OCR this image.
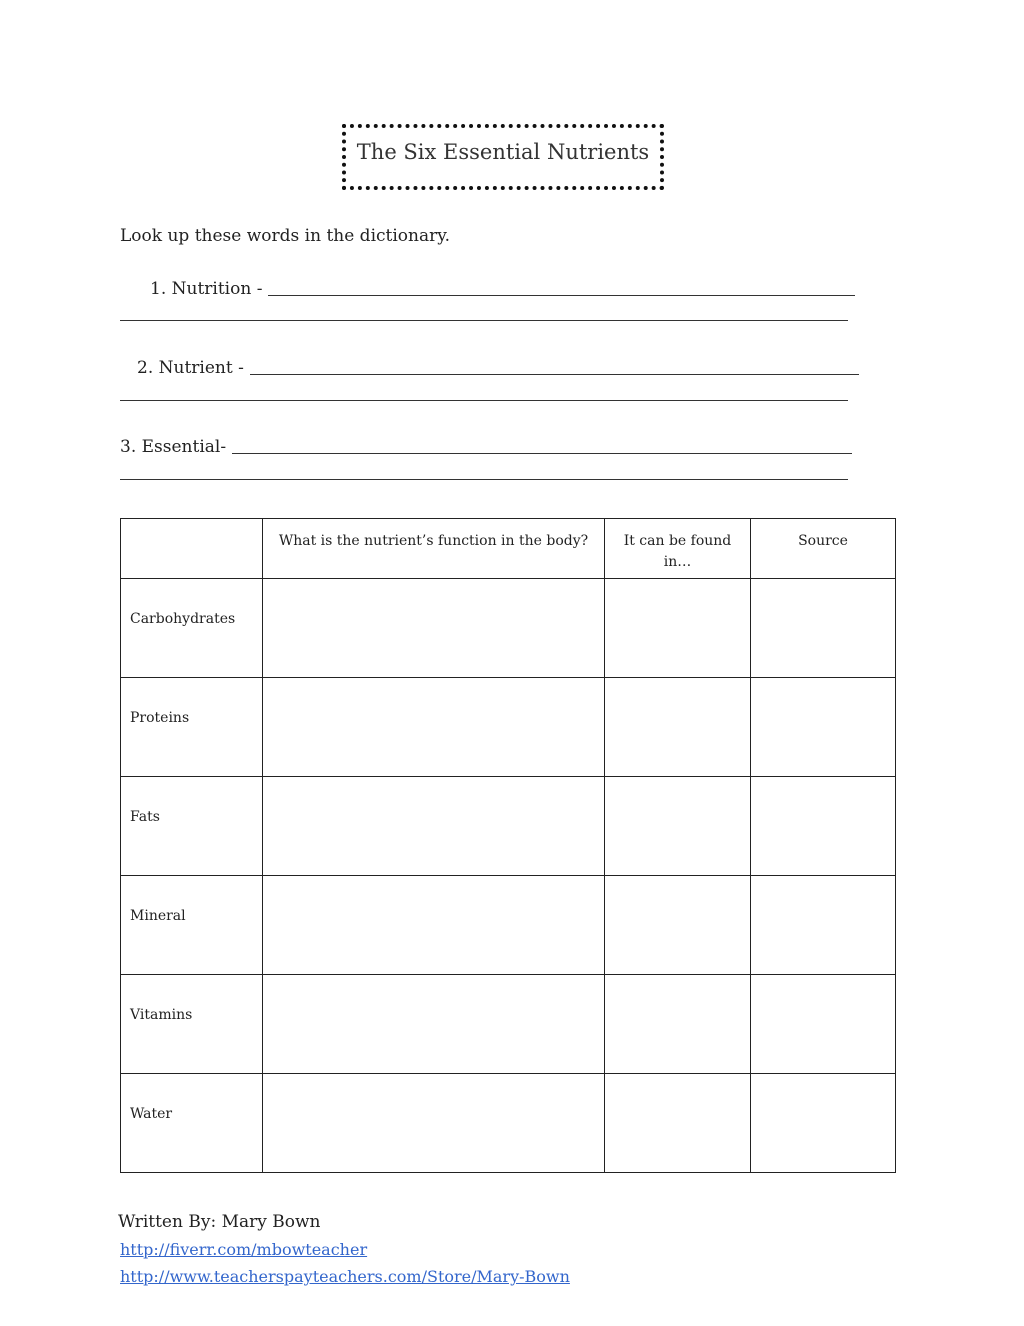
The Six Essential Nutrients
Look up these words in the dictionary.
1. Nutrition -
2. Nutrient -
3. Essential-
	What is the nutrient’s function in the body?	It can be found in…	Source
Carbohydrates			
Proteins			
Fats			
Mineral			
Vitamins			
Water			
Written By: Mary Bown
http://fiverr.com/mbowteacher
http://www.teacherspayteachers.com/Store/Mary-Bown
